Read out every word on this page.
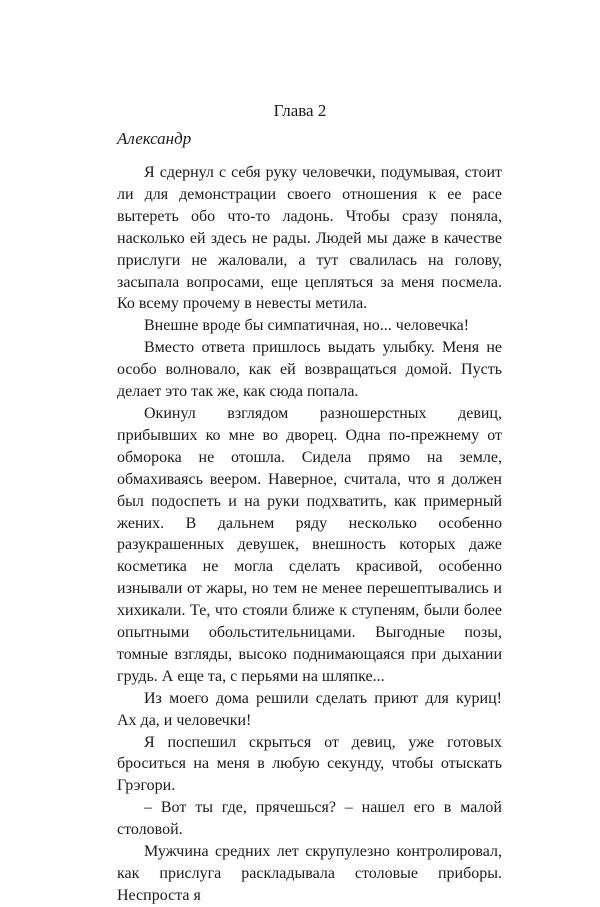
Глава 2
Александр

Я сдернул с себя руку человечки, подумывая, стоит ли для демонстрации своего отношения к ее расе вытереть обо что-то ладонь. Чтобы сразу поняла, насколько ей здесь не рады. Людей мы даже в качестве прислуги не жаловали, а тут свалилась на голову, засыпала вопросами, еще цепляться за меня посмела. Ко всему прочему в невесты метила.

Внешне вроде бы симпатичная, но... человечка!

Вместо ответа пришлось выдать улыбку. Меня не особо волновало, как ей возвращаться домой. Пусть делает это так же, как сюда попала.

Окинул взглядом разношерстных девиц, прибывших ко мне во дворец. Одна по-прежнему от обморока не отошла. Сидела прямо на земле, обмахиваясь веером. Наверное, считала, что я должен был подоспеть и на руки подхватить, как примерный жених. В дальнем ряду несколько особенно разукрашенных девушек, внешность которых даже косметика не могла сделать красивой, особенно изнывали от жары, но тем не менее перешептывались и хихикали. Те, что стояли ближе к ступеням, были более опытными обольстительницами. Выгодные позы, томные взгляды, высоко поднимающаяся при дыхании грудь. А еще та, с перьями на шляпке...

Из моего дома решили сделать приют для куриц! Ах да, и человечки!

Я поспешил скрыться от девиц, уже готовых броситься на меня в любую секунду, чтобы отыскать Грэгори.

– Вот ты где, прячешься? – нашел его в малой столовой.

Мужчина средних лет скрупулезно контролировал, как прислуга раскладывала столовые приборы. Неспроста я
